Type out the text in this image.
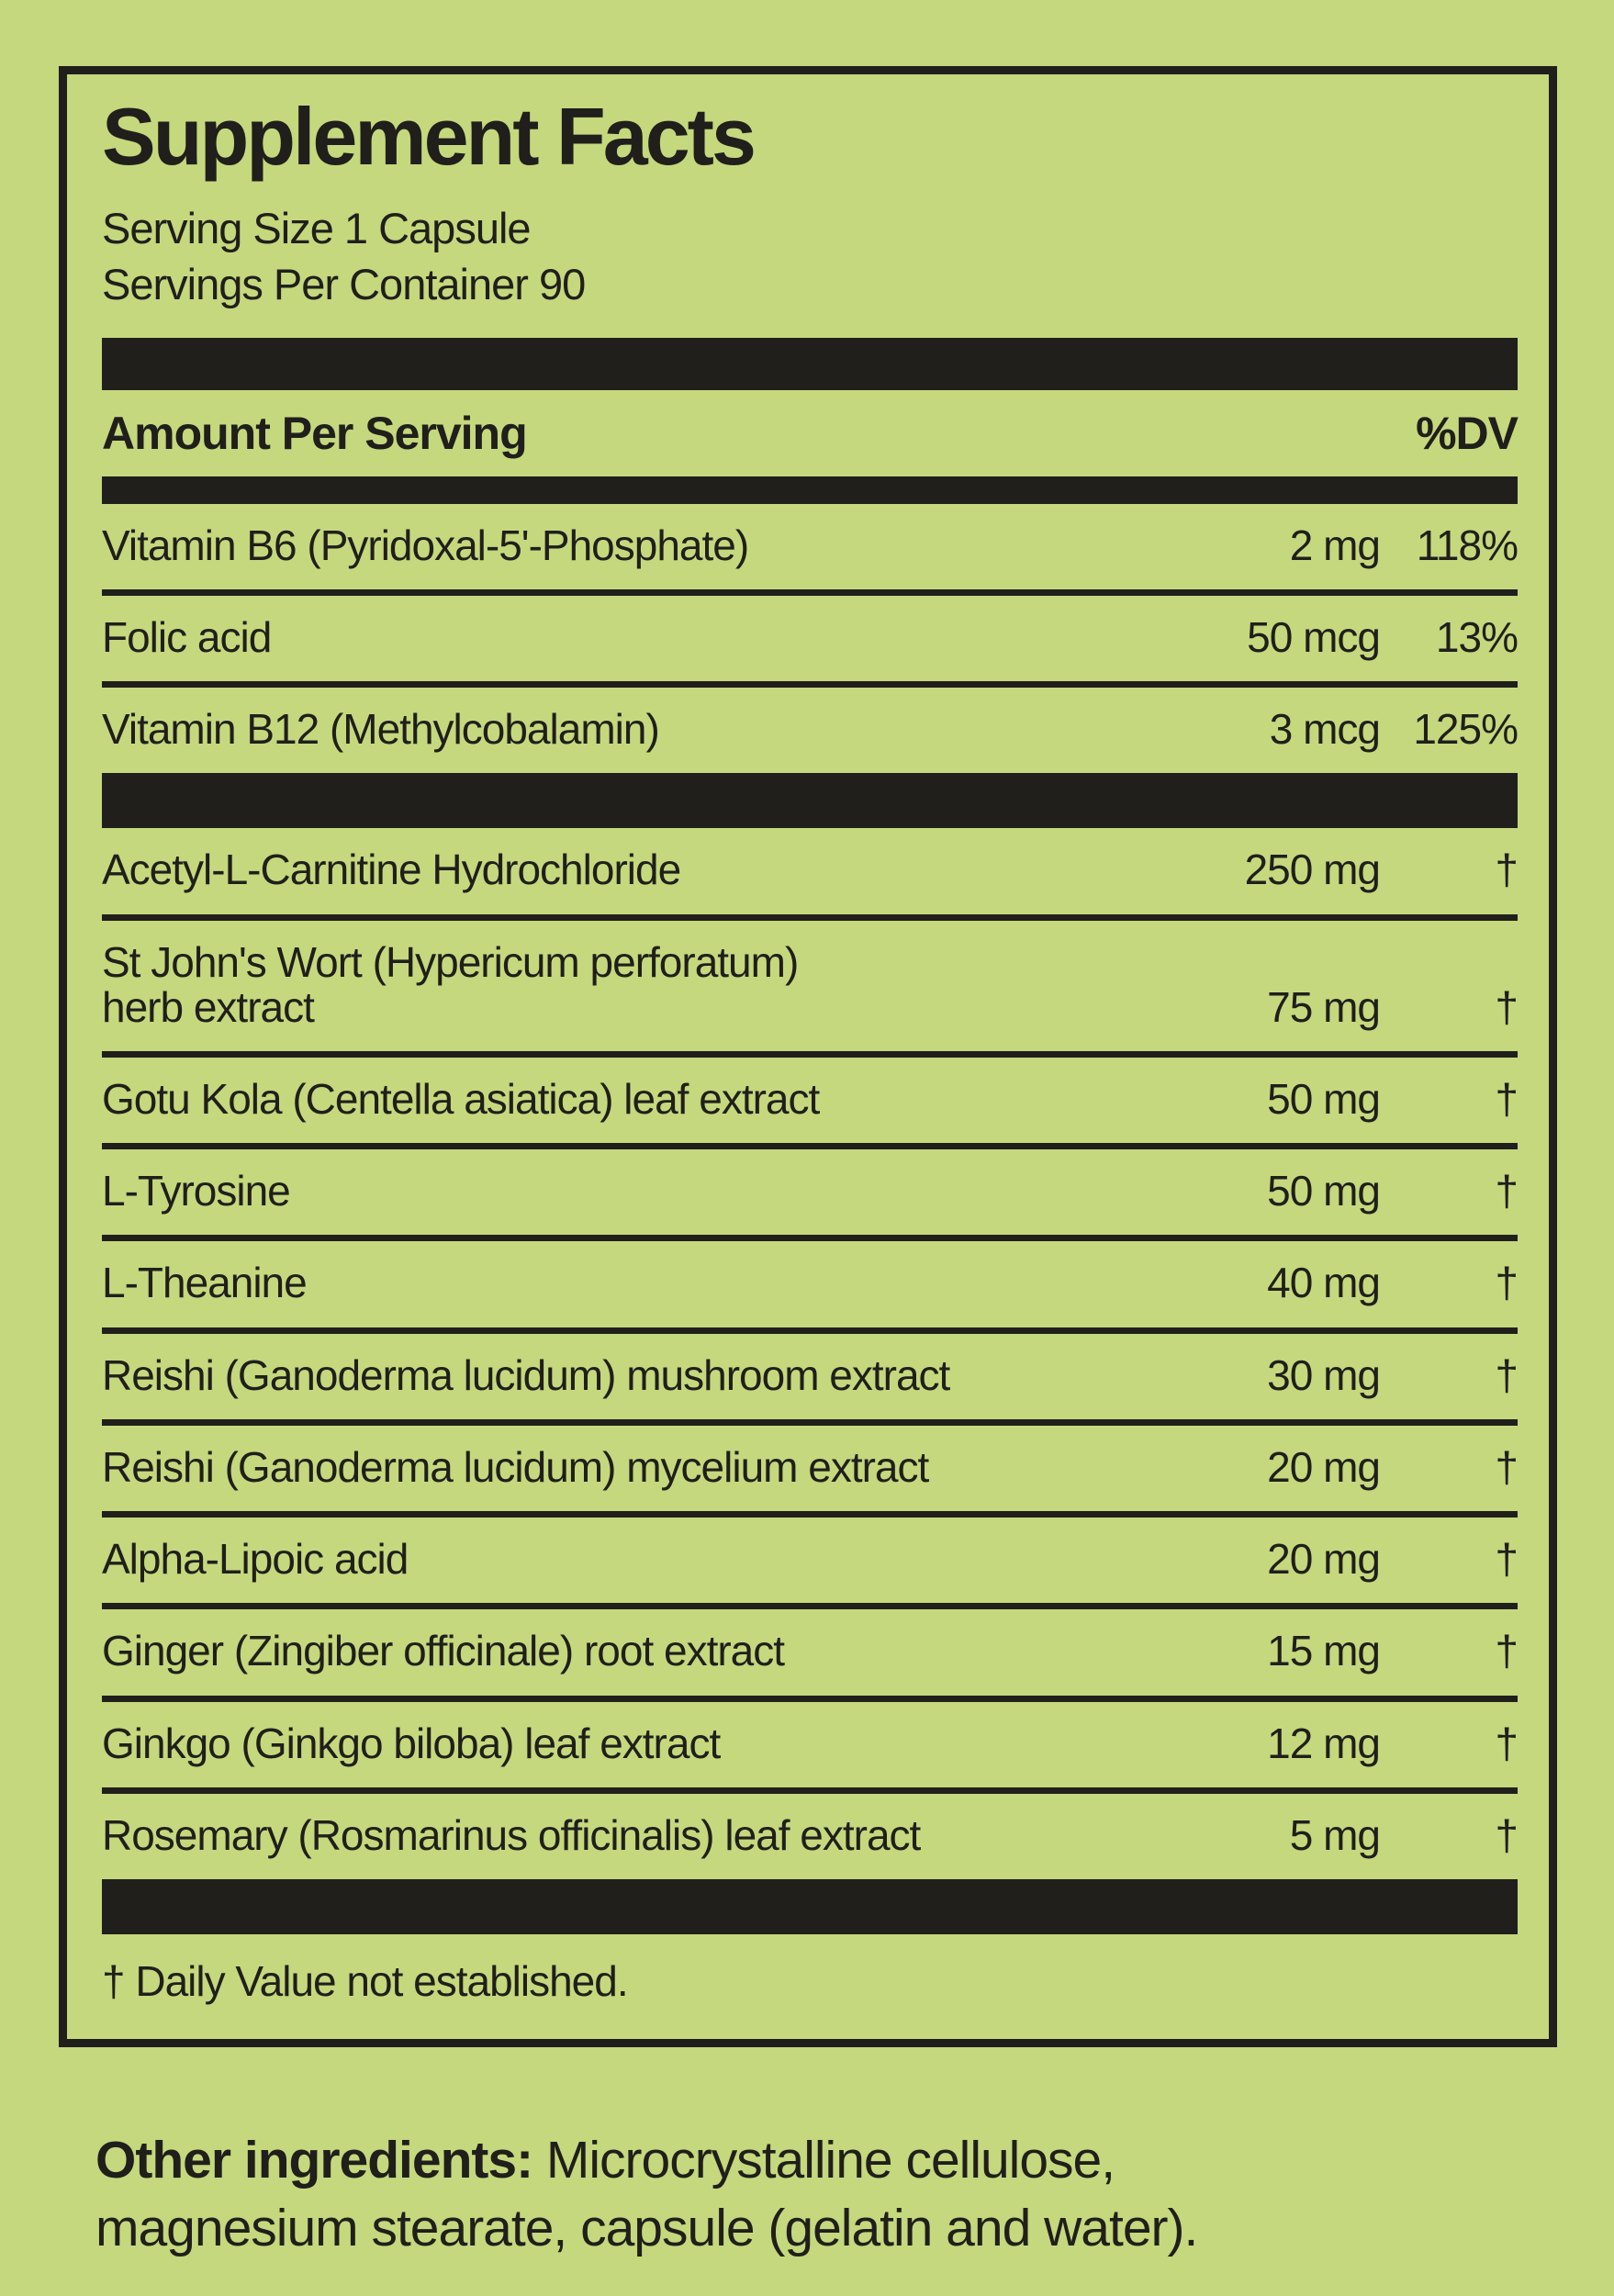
Supplement Facts
Serving Size 1 Capsule
Servings Per Container 90
Amount Per Serving	%DV
Vitamin B6 (Pyridoxal-5'-Phosphate)	2 mg 118%
Folic acid	50 mcg	13%
Vitamin B12 (Methylcobalamin)	3 mcg 125%
Acetyl-L-Carnitine Hydrochloride	250 mg	†
St John's Wort (Hypericum perforatum)
herb extract	75 mg	†
Gotu Kola (Centella asiatica) leaf extract	50 mg	†
L-Tyrosine	50 mg	†
L-Theanine	40 mg	†
Reishi (Ganoderma lucidum) mushroom extract	30 mg	†
Reishi (Ganoderma lucidum) mycelium extract	20 mg	†
Alpha-Lipoic acid	20 mg	†
Ginger (Zingiber officinale) root extract	15 mg	†
Ginkgo (Ginkgo biloba) leaf extract	12 mg	†
Rosemary (Rosmarinus officinalis) leaf extract	5 mg	†
† Daily Value not established.

Other ingredients: Microcrystalline cellulose,
magnesium stearate, capsule (gelatin and water).
